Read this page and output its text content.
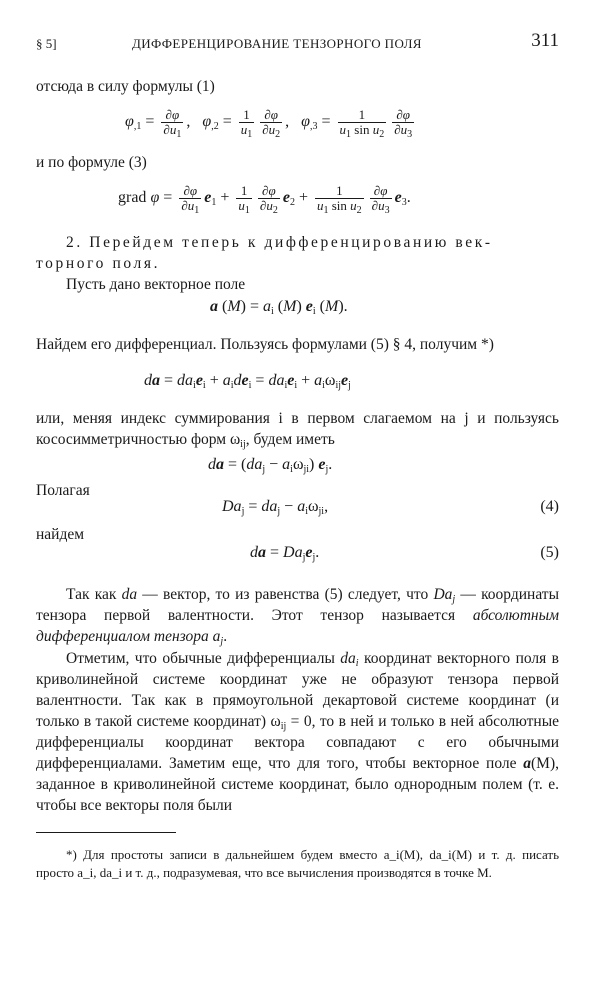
§ 5]	ДИФФЕРЕНЦИРОВАНИЕ ТЕНЗОРНОГО ПОЛЯ	311

отсюда в силу формулы (1)

$\varphi_{,1} = \frac{\partial\varphi}{\partial u_1}$ ,   $\varphi_{,2} = \frac{1}{u_1} \frac{\partial\varphi}{\partial u_2}$ ,   $\varphi_{,3} = \frac{1}{u_1 \sin u_2} \frac{\partial\varphi}{\partial u_3}$

и по формуле (3)

grad $\varphi = \frac{\partial\varphi}{\partial u_1} e_1 + \frac{1}{u_1} \frac{\partial\varphi}{\partial u_2} e_2 + \frac{1}{u_1 \sin u_2} \frac{\partial\varphi}{\partial u_3} e_3$.

2. Перейдем теперь к дифференцированию век-

торного поля.

Пусть дано векторное поле

a $(M) = a_i$ (M) $e_i$ (M).

Найдем его дифференциал. Пользуясь формулами (5) § 4, получим *)

da = $da_ie_i + a_ide_i = da_ie_i + a_i\omega_{ij}e_j$

или, меняя индекс суммирования i в первом слагаемом на j и пользуясь кососимметричностью форм $\omega_{ij}$, будем иметь

da = $(da_j - a_i\omega_{ji})$ $e_j$.

Полагая

$Da_j = da_j - a_i\omega_{ji}$,	(4)

найдем

da = $Da_je_j$.	(5)

Так как da — вектор, то из равенства (5) следует, что $Da_j$ — координаты тензора первой валентности. Этот тензор называется абсолютным дифференциалом тензора $a_j$.

Отметим, что обычные дифференциалы $da_i$ координат векторного поля в криволинейной системе координат уже не образуют тензора первой валентности. Так как в прямоугольной декартовой системе координат (и только в такой системе координат) $\omega_{ij} = 0$, то в ней и только в ней абсолютные дифференциалы координат вектора совпадают с его обычными дифференциалами. Заметим еще, что для того, чтобы векторное поле a(M), заданное в криволинейной системе координат, было однородным полем (т. е. чтобы все векторы поля были

*) Для простоты записи в дальнейшем будем вместо a_i(M), da_i(M) и т. д. писать просто a_i, da_i и т. д., подразумевая, что все вычисления производятся в точке M.
